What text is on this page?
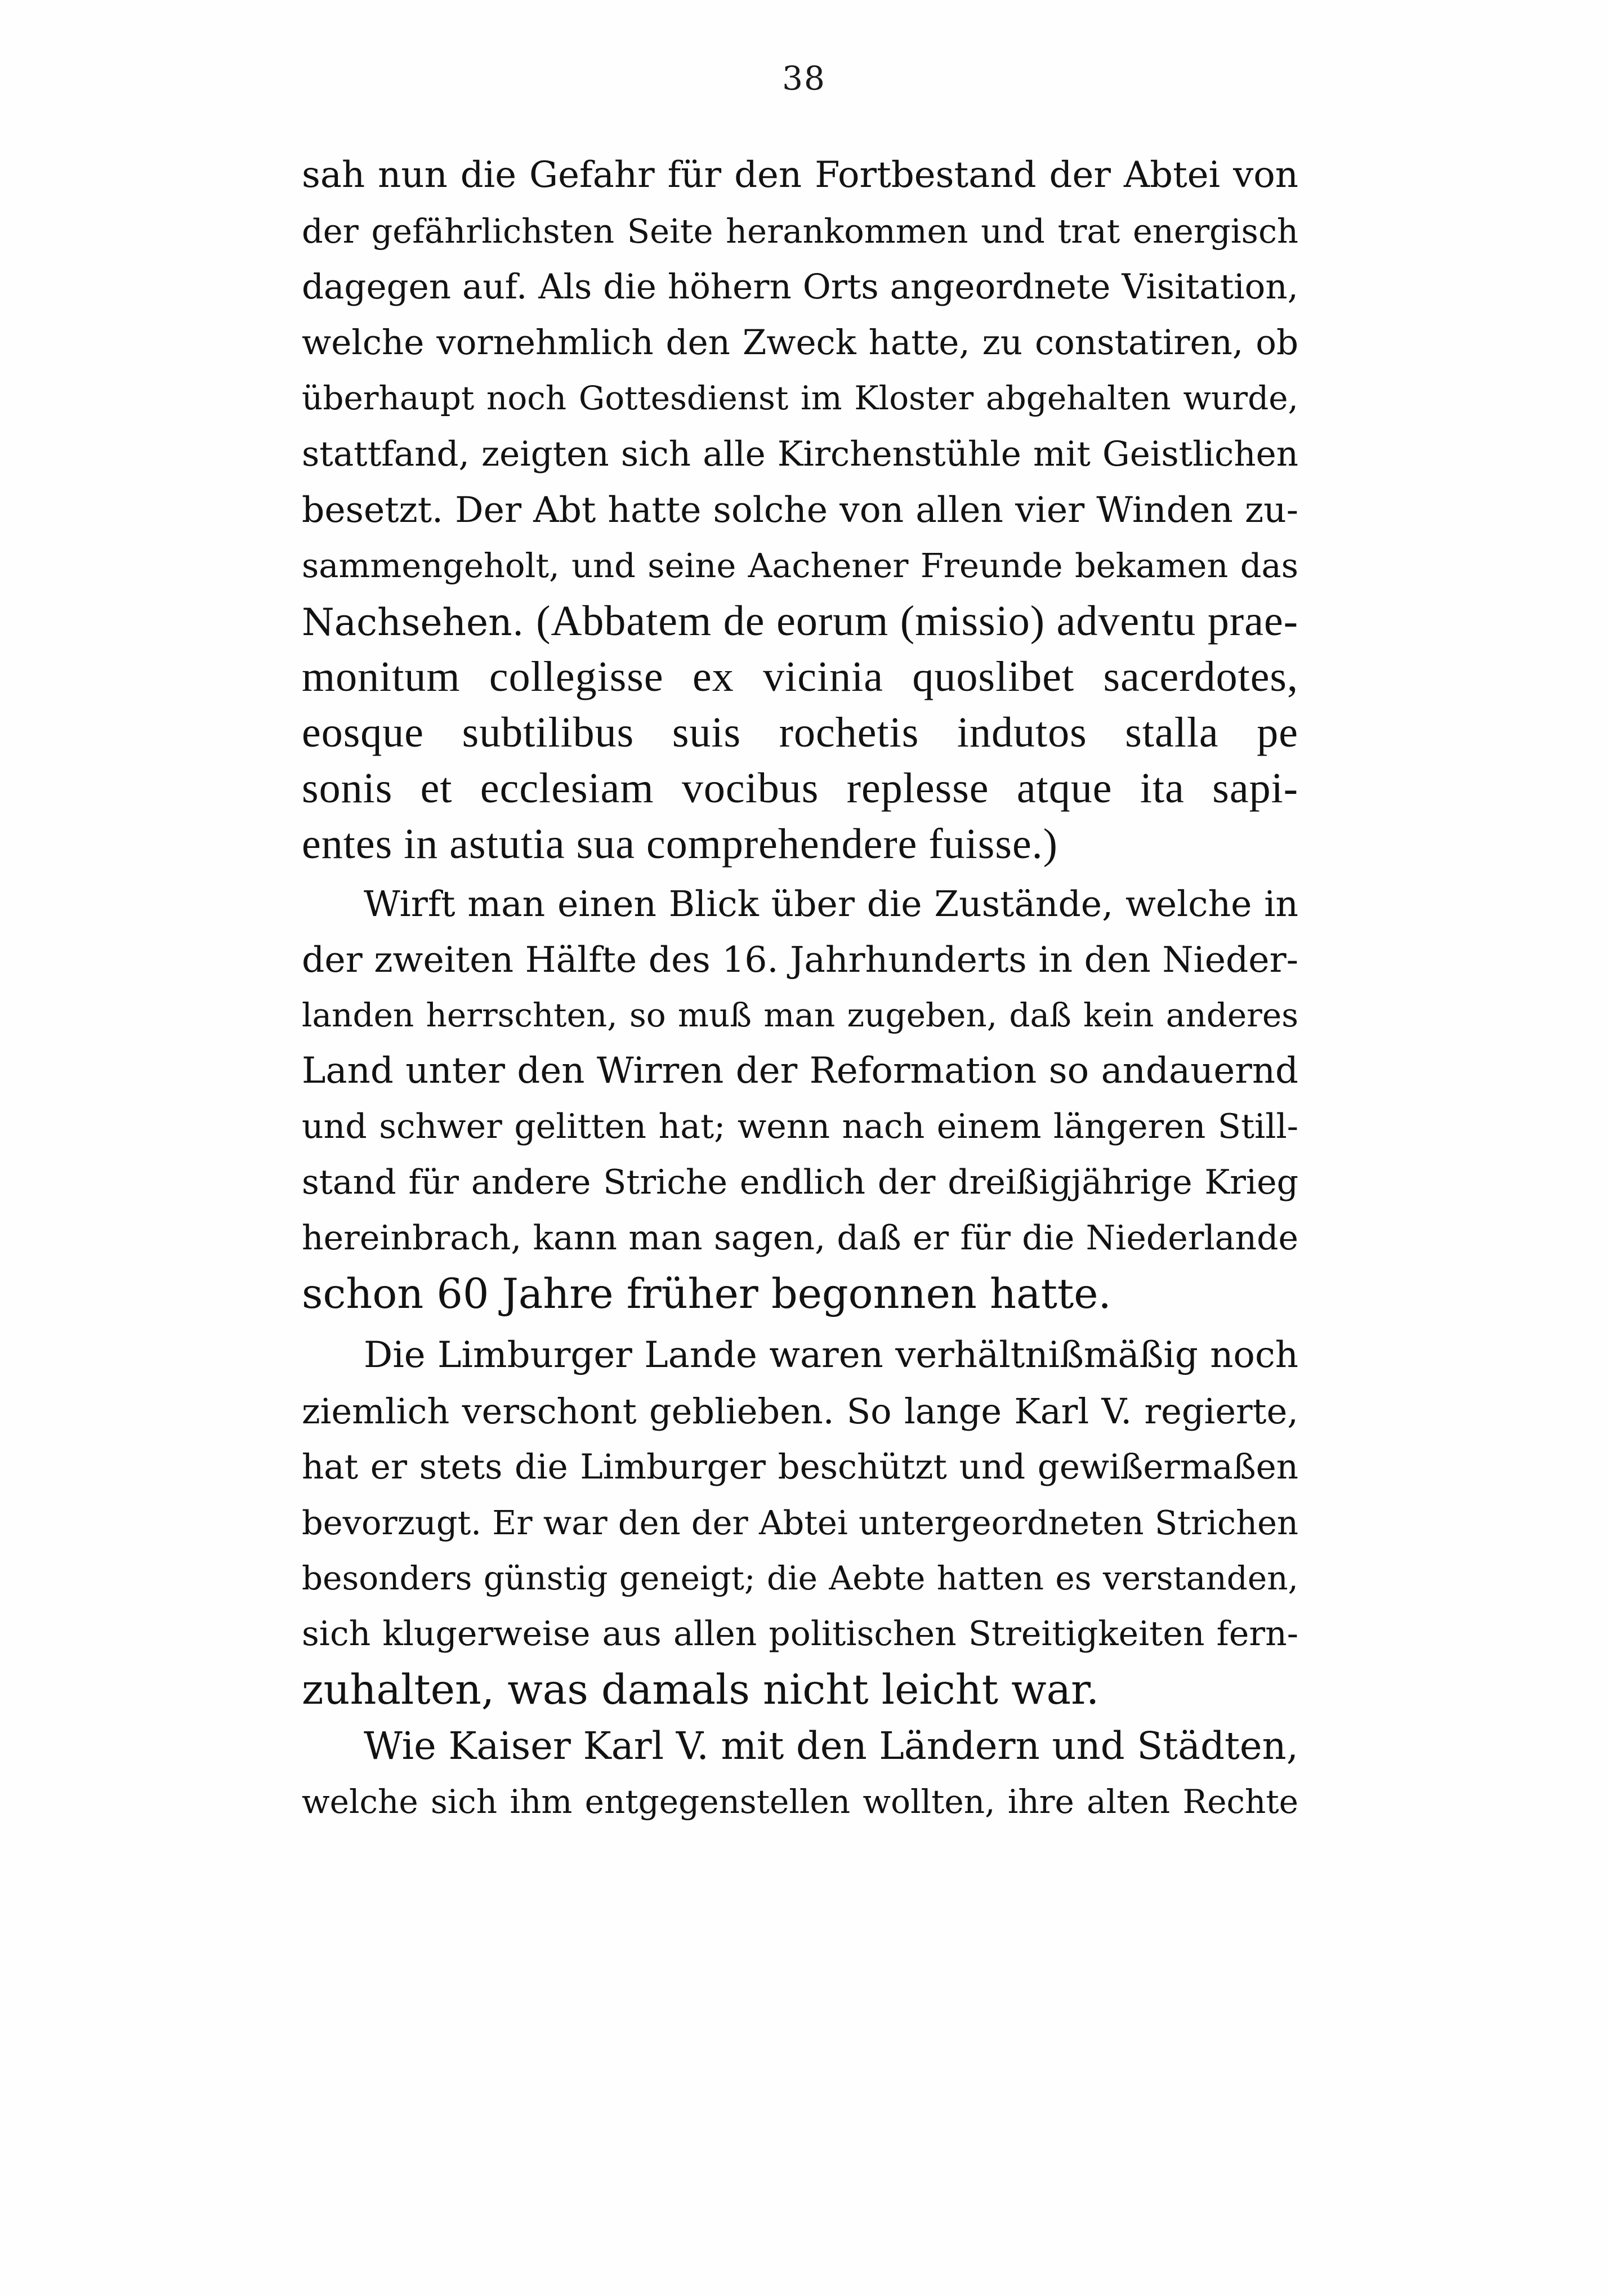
38
sah nun die Gefahr für den Fortbestand der Abtei von
der gefährlichsten Seite herankommen und trat energisch
dagegen auf. Als die höhern Orts angeordnete Visitation,
welche vornehmlich den Zweck hatte, zu constatiren, ob
überhaupt noch Gottesdienst im Kloster abgehalten wurde,
stattfand, zeigten sich alle Kirchenstühle mit Geistlichen
besetzt. Der Abt hatte solche von allen vier Winden zu-
sammengeholt, und seine Aachener Freunde bekamen das
Nachsehen. (Abbatem de eorum (missio) adventu prae-
monitum collegisse ex vicinia quoslibet sacerdotes,
eosque subtilibus suis rochetis indutos stalla pe
sonis et ecclesiam vocibus replesse atque ita sapi-
entes in astutia sua comprehendere fuisse.)
Wirft man einen Blick über die Zustände, welche in
der zweiten Hälfte des 16. Jahrhunderts in den Nieder-
landen herrschten, so muß man zugeben, daß kein anderes
Land unter den Wirren der Reformation so andauernd
und schwer gelitten hat; wenn nach einem längeren Still-
stand für andere Striche endlich der dreißigjährige Krieg
hereinbrach, kann man sagen, daß er für die Niederlande
schon 60 Jahre früher begonnen hatte.
Die Limburger Lande waren verhältnißmäßig noch
ziemlich verschont geblieben. So lange Karl V. regierte,
hat er stets die Limburger beschützt und gewißermaßen
bevorzugt. Er war den der Abtei untergeordneten Strichen
besonders günstig geneigt; die Aebte hatten es verstanden,
sich klugerweise aus allen politischen Streitigkeiten fern-
zuhalten, was damals nicht leicht war.
Wie Kaiser Karl V. mit den Ländern und Städten,
welche sich ihm entgegenstellen wollten, ihre alten Rechte
